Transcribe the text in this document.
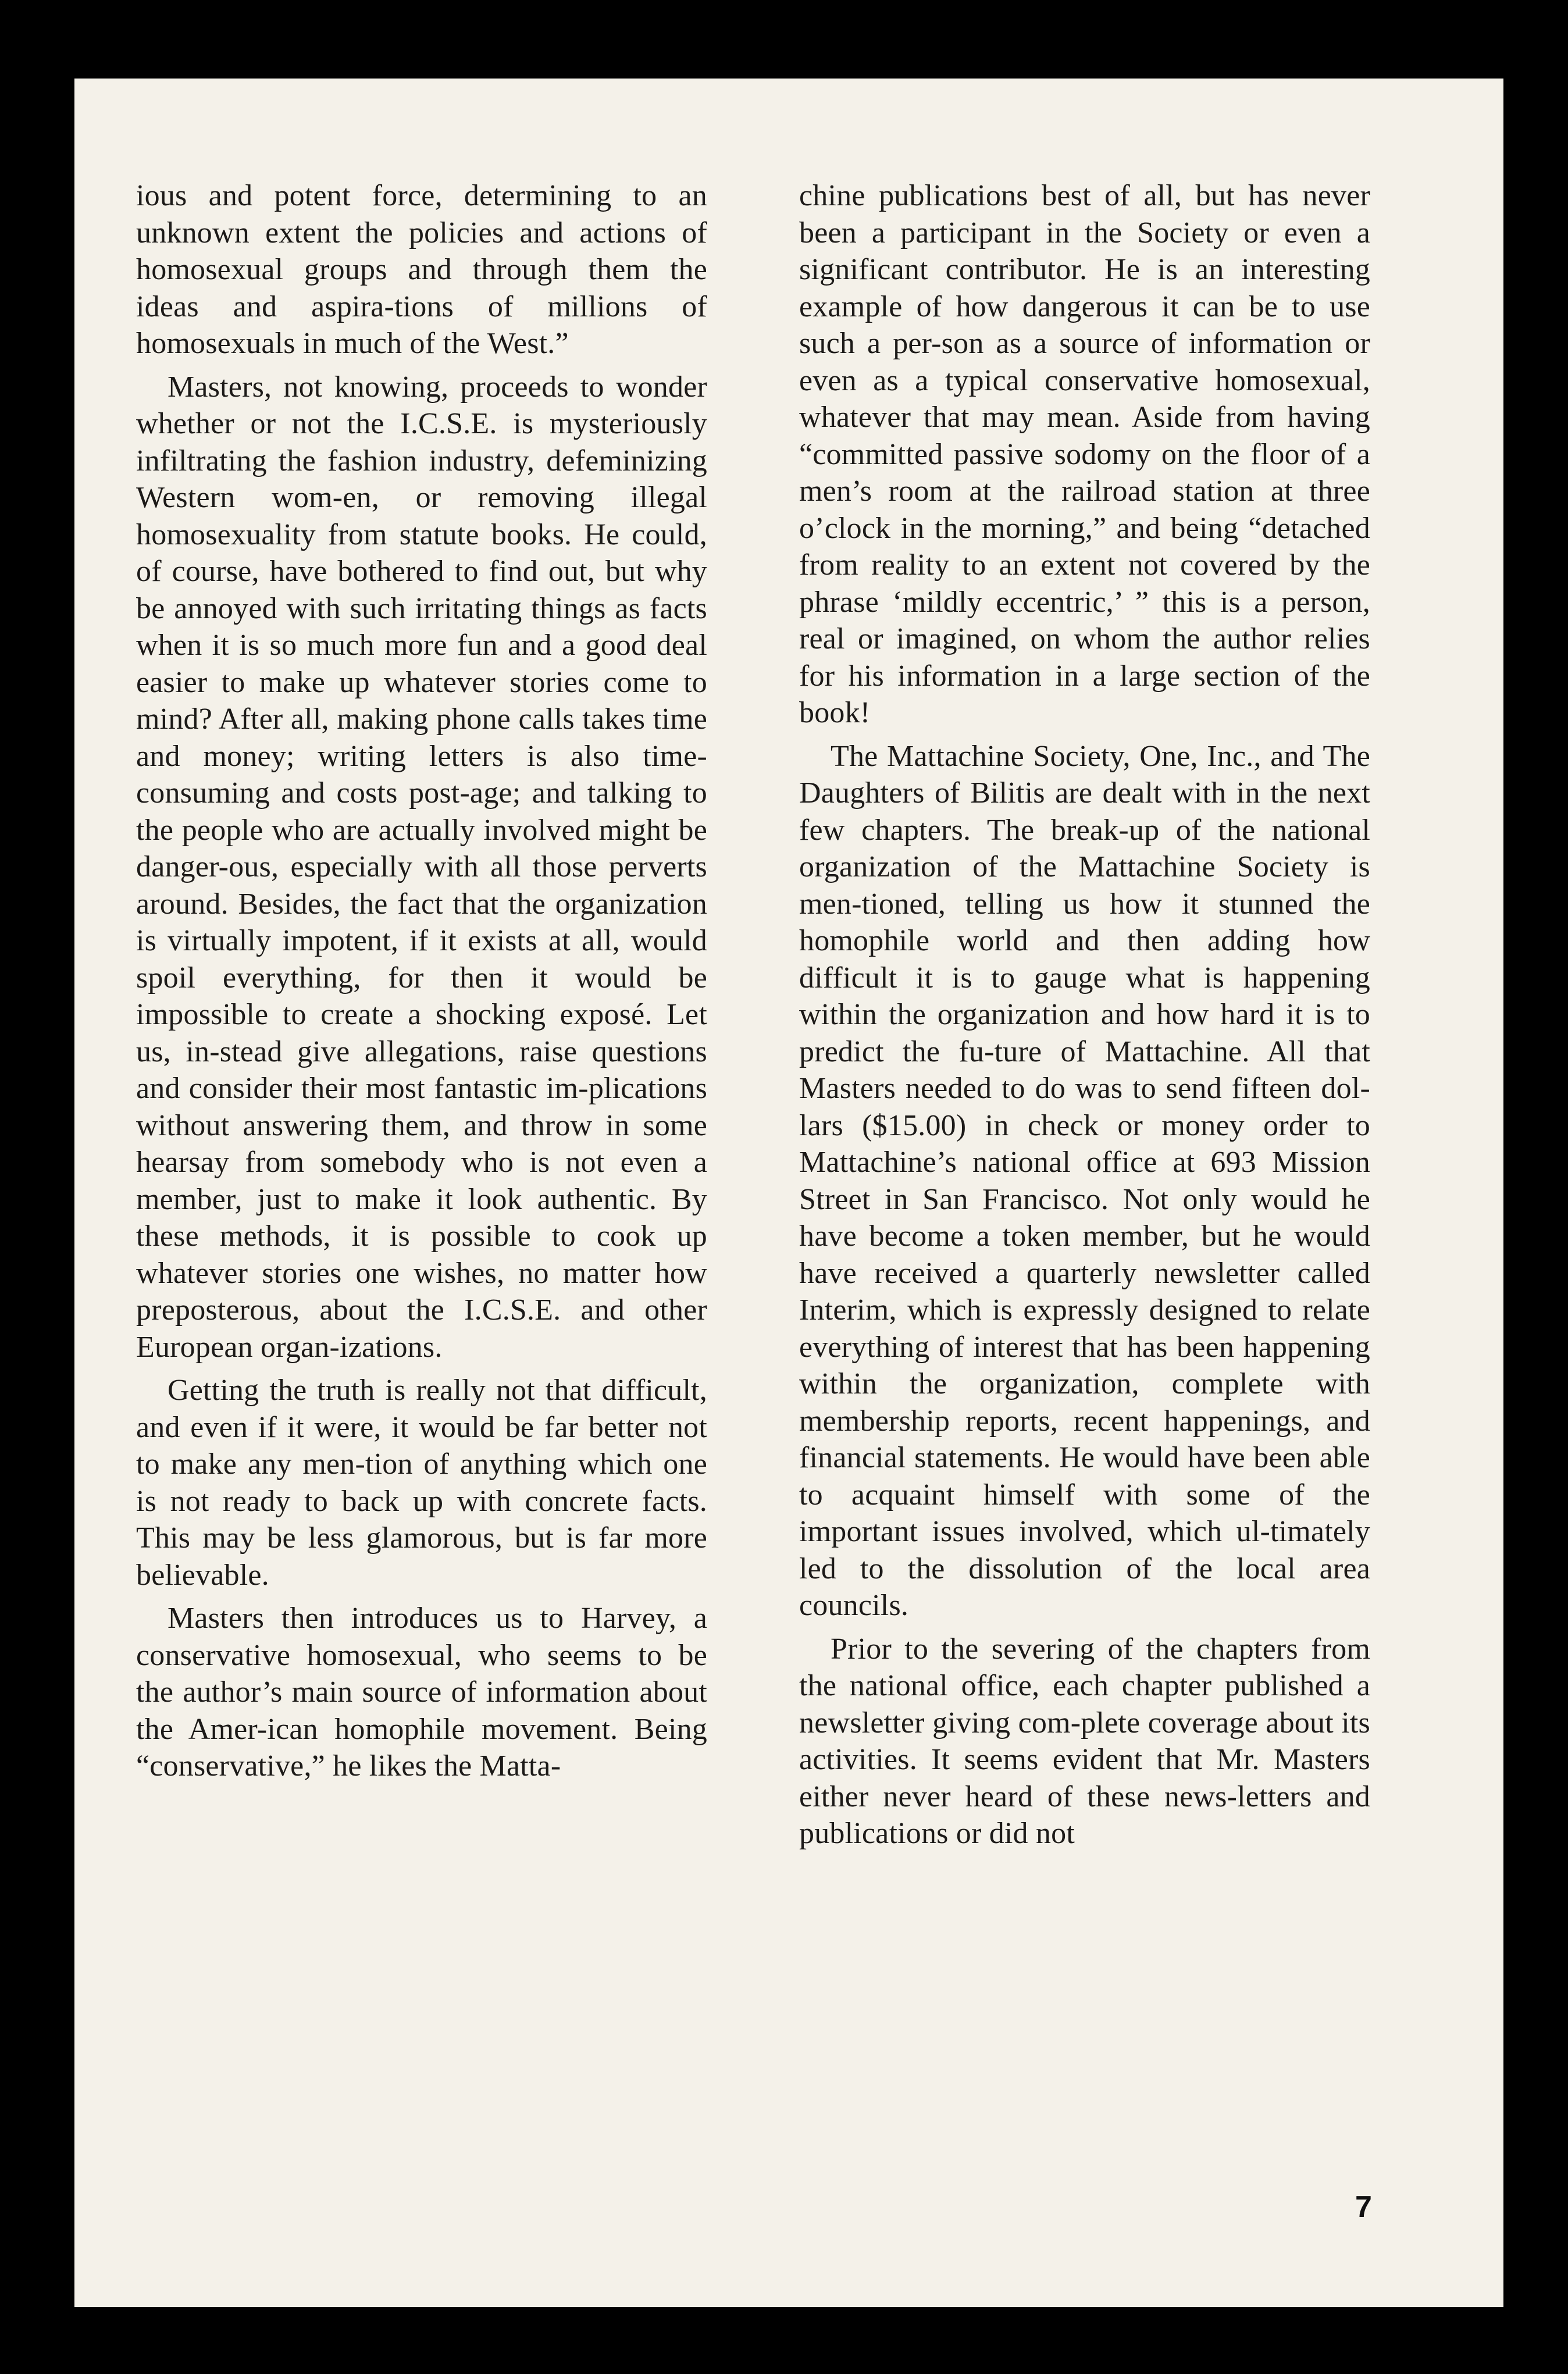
ious and potent force, determining to an unknown extent the policies and actions of homosexual groups and through them the ideas and aspira-tions of millions of homosexuals in much of the West.”

Masters, not knowing, proceeds to wonder whether or not the I.C.S.E. is mysteriously infiltrating the fashion industry, defeminizing Western wom-en, or removing illegal homosexuality from statute books. He could, of course, have bothered to find out, but why be annoyed with such irritating things as facts when it is so much more fun and a good deal easier to make up whatever stories come to mind? After all, making phone calls takes time and money; writing letters is also time-consuming and costs post-age; and talking to the people who are actually involved might be danger-ous, especially with all those perverts around. Besides, the fact that the organization is virtually impotent, if it exists at all, would spoil everything, for then it would be impossible to create a shocking exposé. Let us, in-stead give allegations, raise questions and consider their most fantastic im-plications without answering them, and throw in some hearsay from somebody who is not even a member, just to make it look authentic. By these methods, it is possible to cook up whatever stories one wishes, no matter how preposterous, about the I.C.S.E. and other European organ-izations.

Getting the truth is really not that difficult, and even if it were, it would be far better not to make any men-tion of anything which one is not ready to back up with concrete facts. This may be less glamorous, but is far more believable.

Masters then introduces us to Harvey, a conservative homosexual, who seems to be the author’s main source of information about the Amer-ican homophile movement. Being “conservative,” he likes the Matta-

chine publications best of all, but has never been a participant in the Society or even a significant contributor. He is an interesting example of how dangerous it can be to use such a per-son as a source of information or even as a typical conservative homosexual, whatever that may mean. Aside from having “committed passive sodomy on the floor of a men’s room at the railroad station at three o’clock in the morning,” and being “detached from reality to an extent not covered by the phrase ‘mildly eccentric,’ ” this is a person, real or imagined, on whom the author relies for his information in a large section of the book!

The Mattachine Society, One, Inc., and The Daughters of Bilitis are dealt with in the next few chapters. The break-up of the national organization of the Mattachine Society is men-tioned, telling us how it stunned the homophile world and then adding how difficult it is to gauge what is happening within the organization and how hard it is to predict the fu-ture of Mattachine. All that Masters needed to do was to send fifteen dol-lars ($15.00) in check or money order to Mattachine’s national office at 693 Mission Street in San Francisco. Not only would he have become a token member, but he would have received a quarterly newsletter called Interim, which is expressly designed to relate everything of interest that has been happening within the organization, complete with membership reports, recent happenings, and financial statements. He would have been able to acquaint himself with some of the important issues involved, which ul-timately led to the dissolution of the local area councils.

Prior to the severing of the chapters from the national office, each chapter published a newsletter giving com-plete coverage about its activities. It seems evident that Mr. Masters either never heard of these news-letters and publications or did not

7
